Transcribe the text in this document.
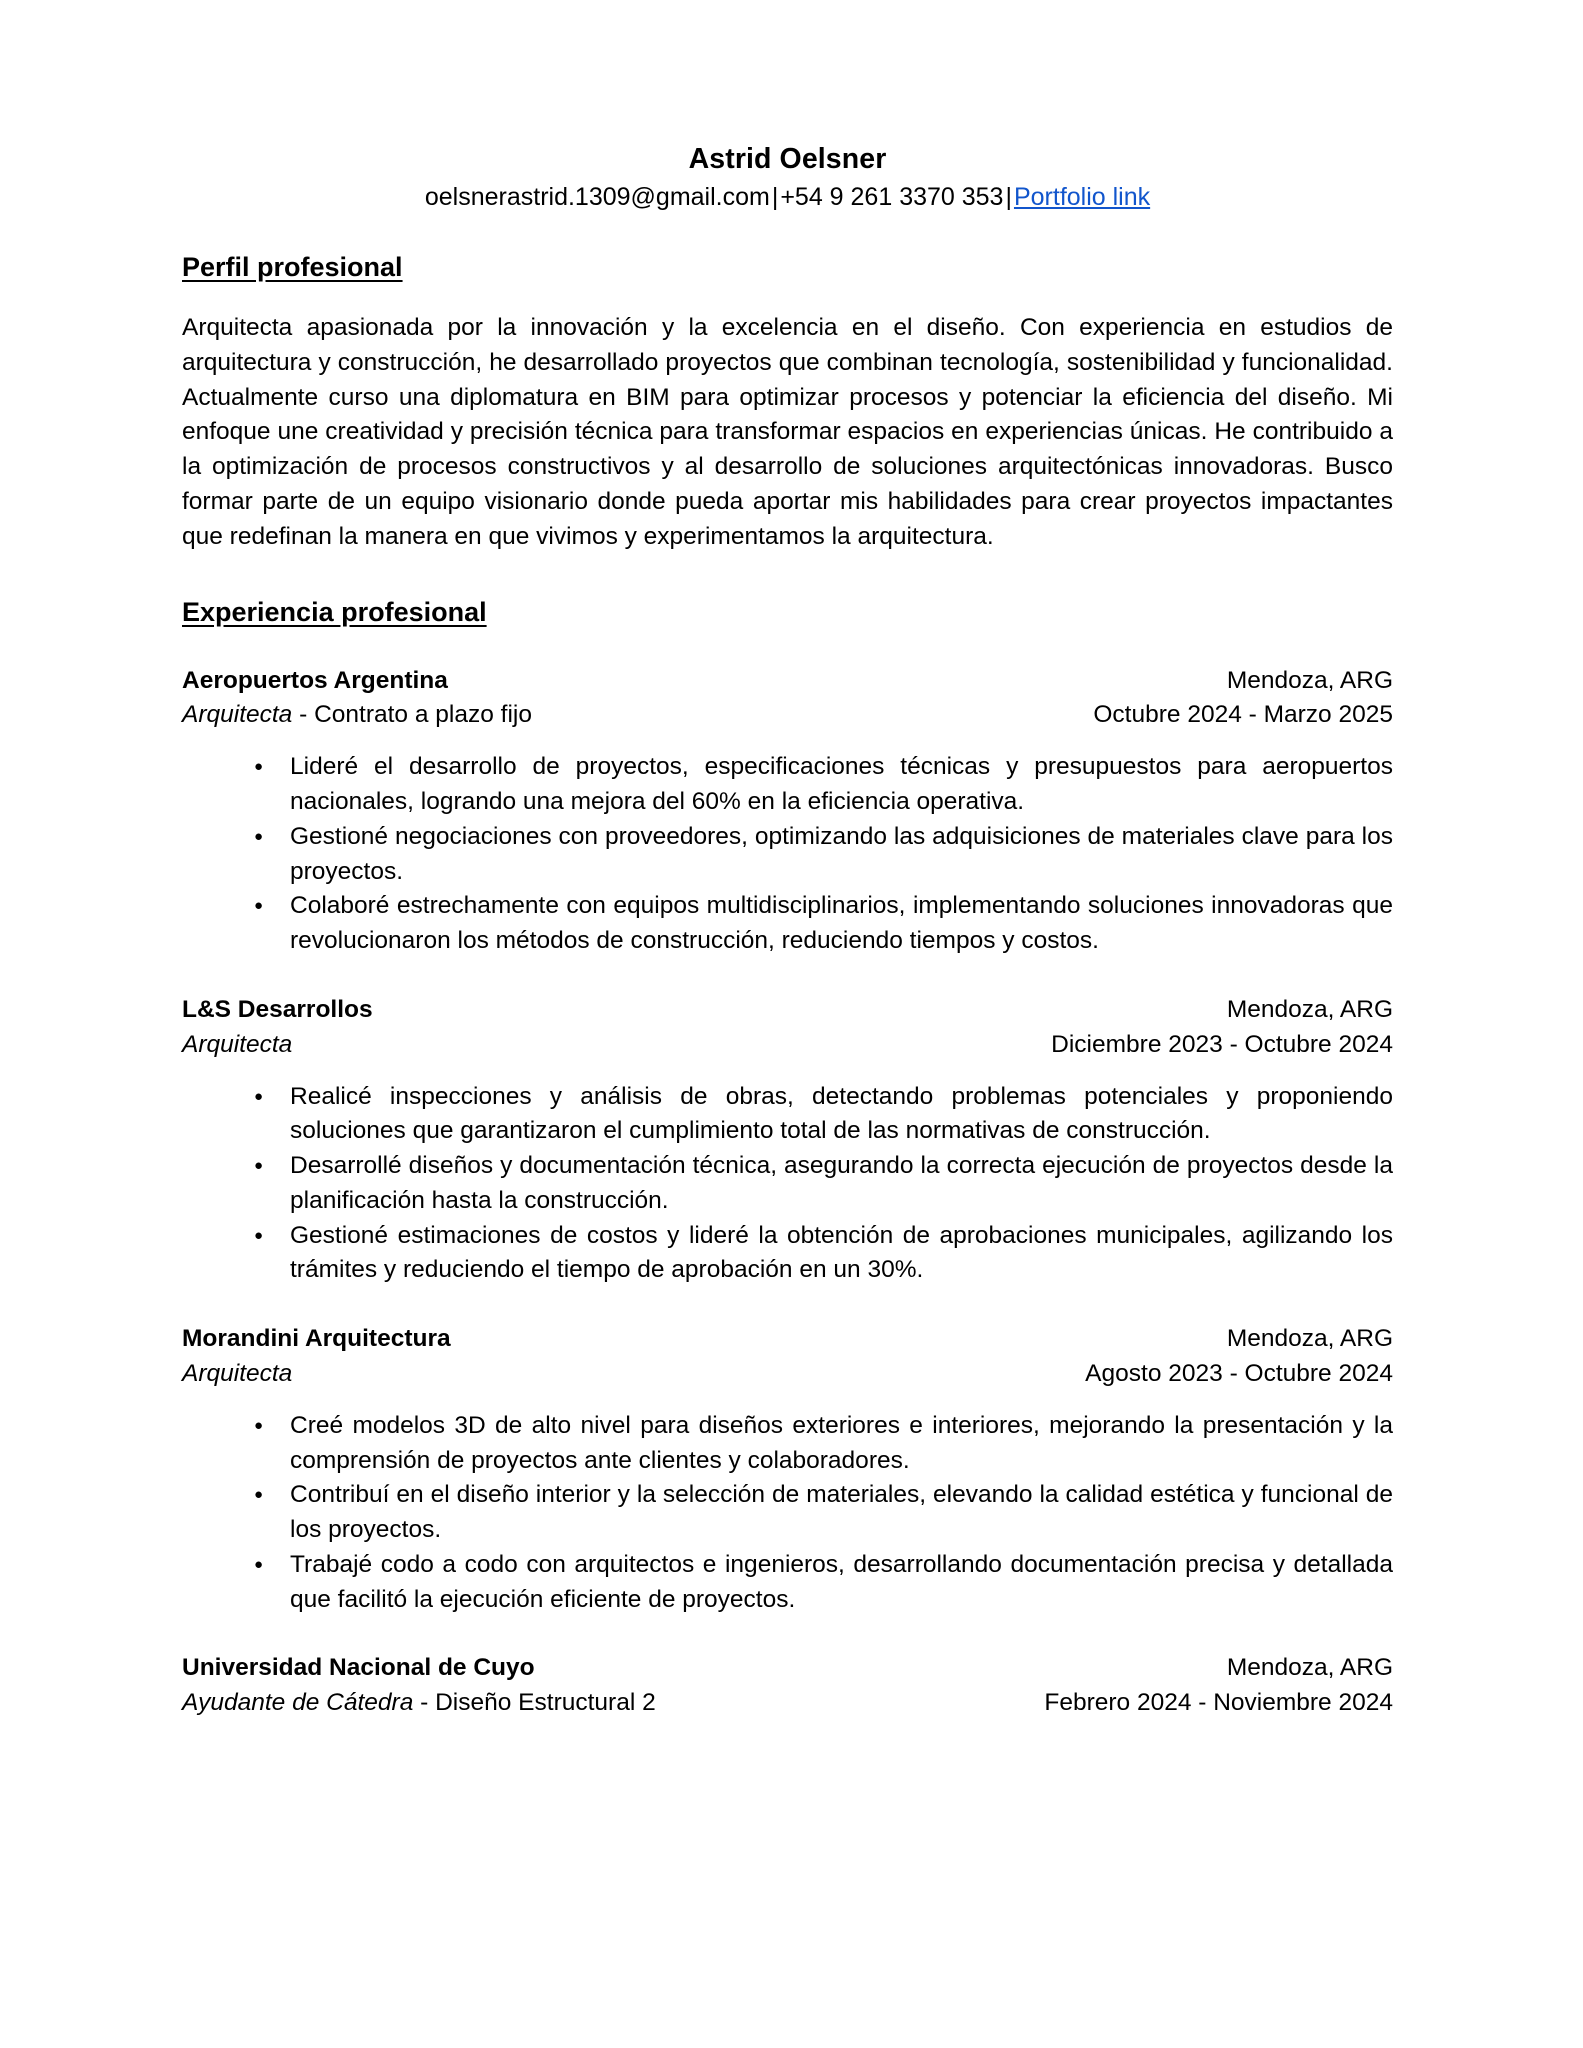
Astrid Oelsner
oelsnerastrid.1309@gmail.com|+54 9 261 3370 353|Portfolio link
Perfil profesional

Arquitecta apasionada por la innovación y la excelencia en el diseño. Con experiencia en estudios de arquitectura y construcción, he desarrollado proyectos que combinan tecnología, sostenibilidad y funcionalidad. Actualmente curso una diplomatura en BIM para optimizar procesos y potenciar la eficiencia del diseño. Mi enfoque une creatividad y precisión técnica para transformar espacios en experiencias únicas. He contribuido a la optimización de procesos constructivos y al desarrollo de soluciones arquitectónicas innovadoras. Busco formar parte de un equipo visionario donde pueda aportar mis habilidades para crear proyectos impactantes que redefinan la manera en que vivimos y experimentamos la arquitectura.

Experiencia profesional
Aeropuertos Argentina	Mendoza, ARG
Arquitecta - Contrato a plazo fijo	Octubre 2024 - Marzo 2025
● Lideré el desarrollo de proyectos, especificaciones técnicas y presupuestos para aeropuertos nacionales, logrando una mejora del 60% en la eficiencia operativa.
● Gestioné negociaciones con proveedores, optimizando las adquisiciones de materiales clave para los proyectos.
● Colaboré estrechamente con equipos multidisciplinarios, implementando soluciones innovadoras que revolucionaron los métodos de construcción, reduciendo tiempos y costos.
L&S Desarrollos	Mendoza, ARG
Arquitecta	Diciembre 2023 - Octubre 2024
● Realicé inspecciones y análisis de obras, detectando problemas potenciales y proponiendo soluciones que garantizaron el cumplimiento total de las normativas de construcción.
● Desarrollé diseños y documentación técnica, asegurando la correcta ejecución de proyectos desde la planificación hasta la construcción.
● Gestioné estimaciones de costos y lideré la obtención de aprobaciones municipales, agilizando los trámites y reduciendo el tiempo de aprobación en un 30%.
Morandini Arquitectura	Mendoza, ARG
Arquitecta	Agosto 2023 - Octubre 2024
● Creé modelos 3D de alto nivel para diseños exteriores e interiores, mejorando la presentación y la comprensión de proyectos ante clientes y colaboradores.
● Contribuí en el diseño interior y la selección de materiales, elevando la calidad estética y funcional de los proyectos.
● Trabajé codo a codo con arquitectos e ingenieros, desarrollando documentación precisa y detallada que facilitó la ejecución eficiente de proyectos.
Universidad Nacional de Cuyo	Mendoza, ARG
Ayudante de Cátedra - Diseño Estructural 2	Febrero 2024 - Noviembre 2024
